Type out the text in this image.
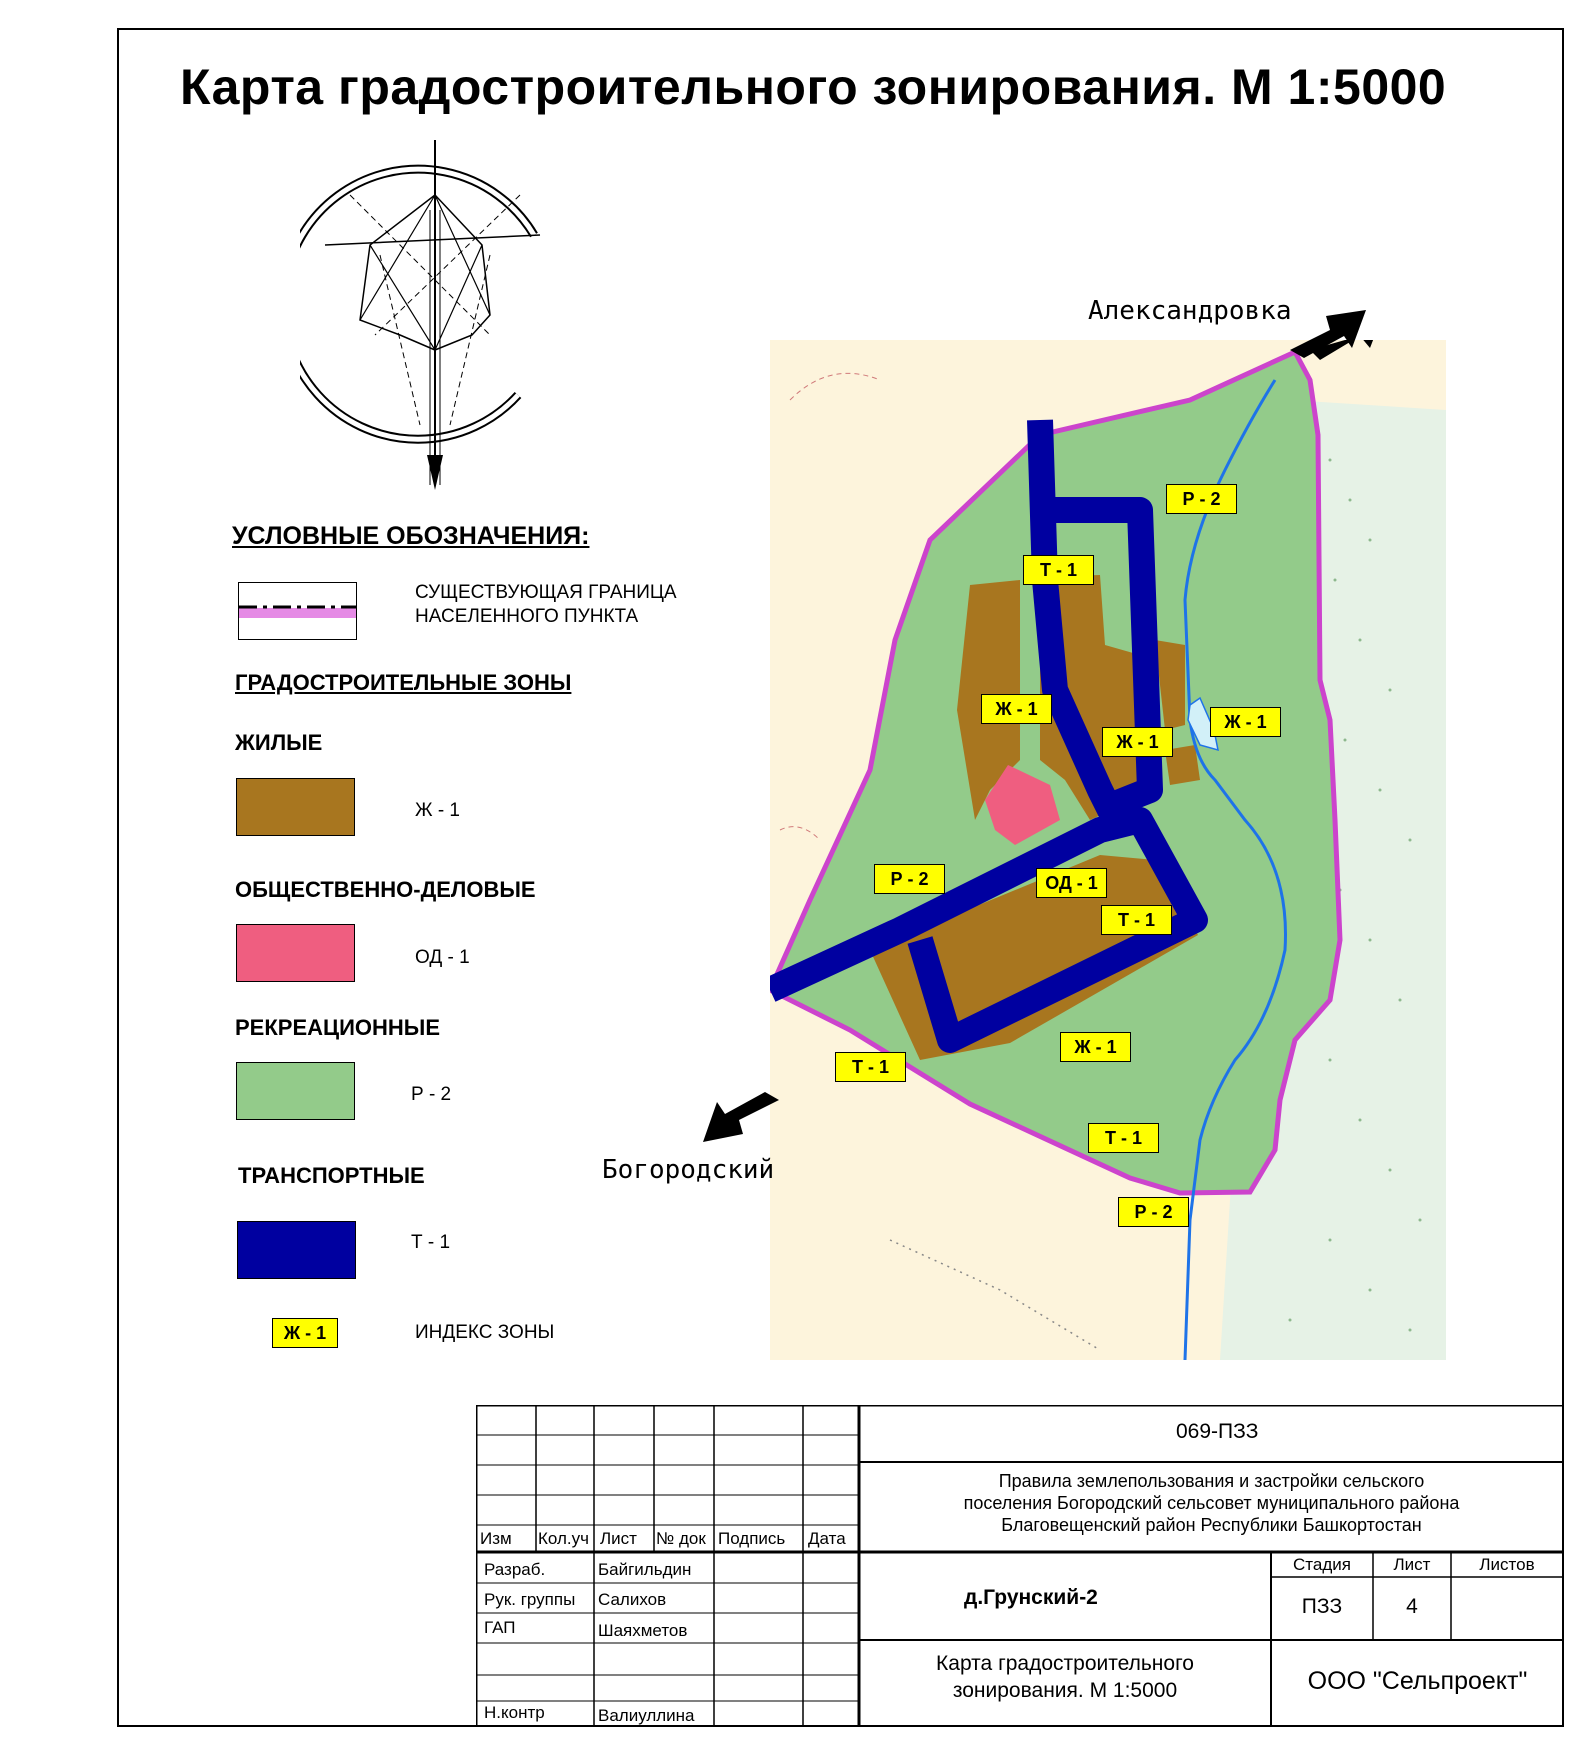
Карта градостроительного зонирования. М 1:5000
УСЛОВНЫЕ ОБОЗНАЧЕНИЯ:
СУЩЕСТВУЮЩАЯ ГРАНИЦА
НАСЕЛЕННОГО ПУНКТА
ГРАДОСТРОИТЕЛЬНЫЕ ЗОНЫ
ЖИЛЫЕ
Ж - 1
ОБЩЕСТВЕННО-ДЕЛОВЫЕ
ОД - 1
РЕКРЕАЦИОННЫЕ
Р - 2
ТРАНСПОРТНЫЕ
Т - 1
Ж - 1	ИНДЕКС ЗОНЫ
Александровка
Богородский
Р - 2
Т - 1
Ж - 1
Ж - 1
Ж - 1
Р - 2	ОД - 1
Т - 1
Ж - 1
Т - 1
Т - 1
Р - 2
Изм Кол.уч Лист № док Подпись Дата
Разраб.	Байгильдин
Рук. группы Салихов
ГАП	Шаяхметов
Н.контр	Валиуллина
069-ПЗЗ
Правила землепользования и застройки сельского
поселения Богородский сельсовет муниципального района
Благовещенский район Республики Башкортостан
д.Грунский-2
Стадия	Лист	Листов
ПЗЗ	4
Карта градостроительного
зонирования. М 1:5000	ООО "Сельпроект"
